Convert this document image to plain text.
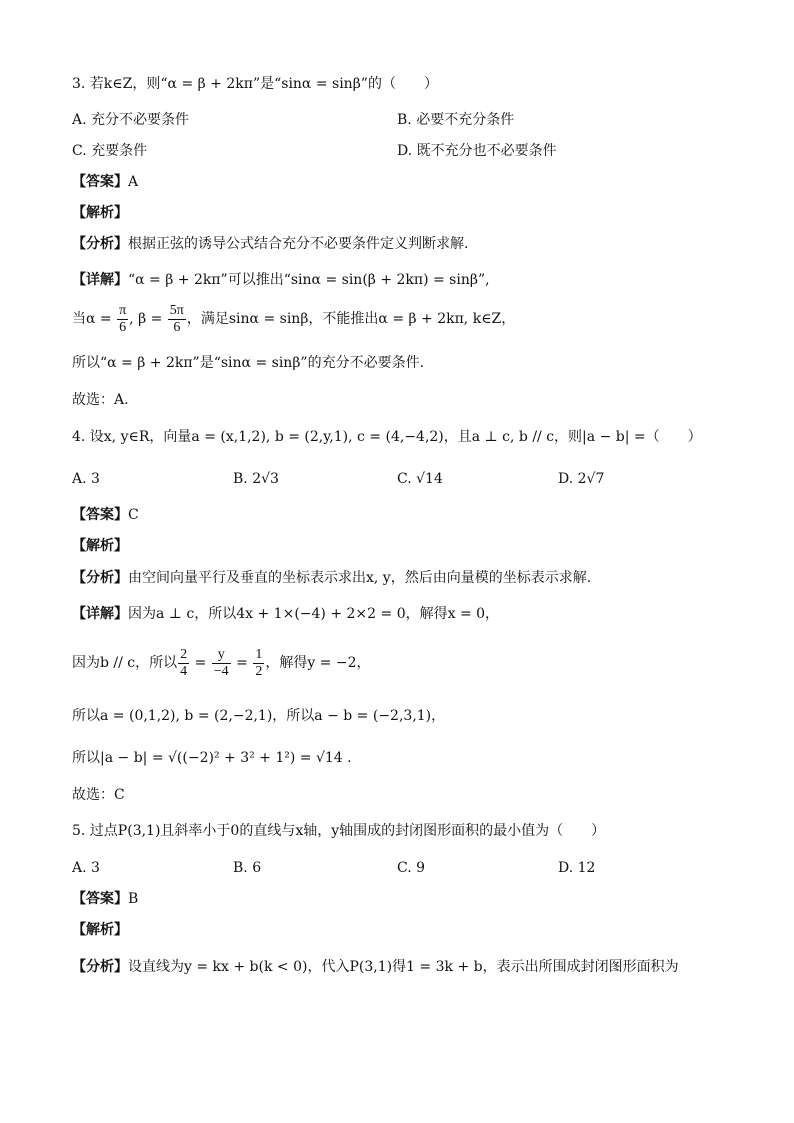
3. 若k∈Z，则“α = β + 2kπ”是“sinα = sinβ”的（　　）
A. 充分不必要条件	B. 必要不充分条件
C. 充要条件	D. 既不充分也不必要条件
【答案】A
【解析】
【分析】根据正弦的诱导公式结合充分不必要条件定义判断求解.
【详解】“α = β + 2kπ”可以推出“sinα = sin(β + 2kπ) = sinβ”,
当$\alpha = \frac{\pi}{6}$ , $\beta = \frac{5\pi}{6}$ ，满足sinα = sinβ，不能推出α = β + 2kπ, k∈Z，
所以“α = β + 2kπ”是“sinα = sinβ”的充分不必要条件.
故选：A.
4. 设x, y∈R，向量a = (x,1,2), b = (2,y,1), c = (4,−4,2)，且a ⊥ c, b // c，则|a − b| =（　　）
A. 3	B. 2√3	C. √14	D. 2√7
【答案】C
【解析】
【分析】由空间向量平行及垂直的坐标表示求出x, y，然后由向量模的坐标表示求解.
【详解】因为a ⊥ c，所以4x + 1×(−4) + 2×2 = 0，解得x = 0，
因为b // c，所以 $\frac{2}{4} = \frac{y}{-4} = \frac{1}{2}$ ，解得y = −2，
所以a = (0,1,2), b = (2,−2,1)，所以a − b = (−2,3,1)，
所以|a − b| = √((−2)² + 3² + 1²) = √14 .
故选：C
5. 过点P(3,1)且斜率小于0的直线与x轴，y轴围成的封闭图形面积的最小值为（　　）
A. 3	B. 6	C. 9	D. 12
【答案】B
【解析】
【分析】设直线为y = kx + b(k < 0)，代入P(3,1)得1 = 3k + b，表示出所围成封闭图形面积为
